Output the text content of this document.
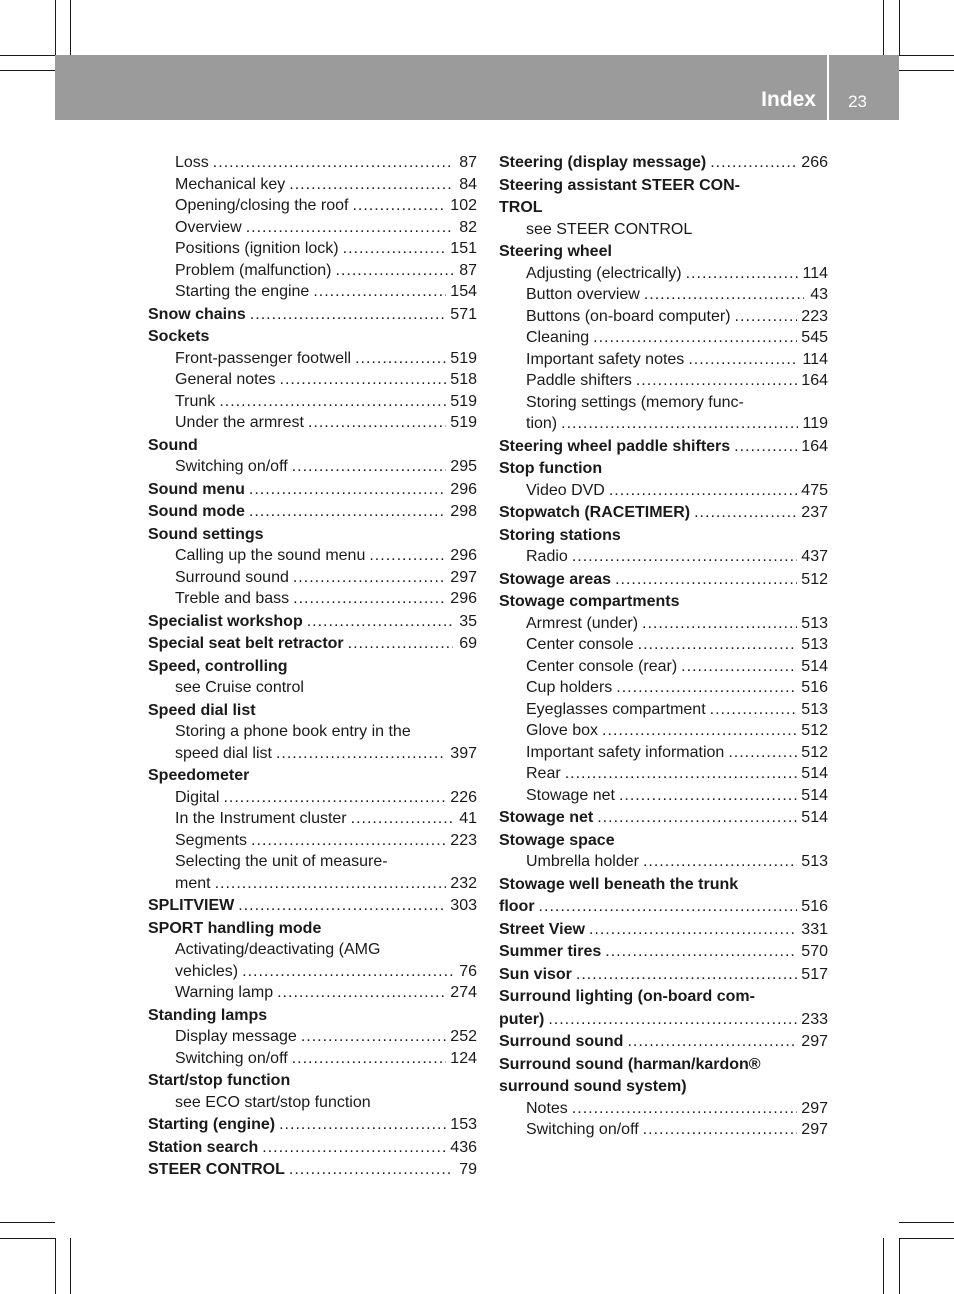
Index 23
Loss .....	87
Mechanical key .....	84
Opening/closing the roof .....	102
Overview .....	82
Positions (ignition lock) .....	151
Problem (malfunction) .....	87
Starting the engine .....	154
Snow chains .....	571
Sockets
Front-passenger footwell .....	519
General notes .....	518
Trunk .....	519
Under the armrest .....	519
Sound
Switching on/off .....	295
Sound menu .....	296
Sound mode .....	298
Sound settings
Calling up the sound menu .....	296
Surround sound .....	297
Treble and bass .....	296
Specialist workshop .....	35
Special seat belt retractor .....	69
Speed, controlling
see Cruise control
Speed dial list
Storing a phone book entry in the
speed dial list .....	397
Speedometer
Digital .....	226
In the Instrument cluster .....	41
Segments .....	223
Selecting the unit of measure-
ment .....	232
SPLITVIEW .....	303
SPORT handling mode
Activating/deactivating (AMG
vehicles) .....	76
Warning lamp .....	274
Standing lamps
Display message .....	252
Switching on/off .....	124
Start/stop function
see ECO start/stop function
Starting (engine) .....	153
Station search .....	436
STEER CONTROL .....	79
Steering (display message) .....	266
Steering assistant STEER CON-
TROL
see STEER CONTROL
Steering wheel
Adjusting (electrically) .....	114
Button overview .....	43
Buttons (on-board computer) .....	223
Cleaning .....	545
Important safety notes .....	114
Paddle shifters .....	164
Storing settings (memory func-
tion) .....	119
Steering wheel paddle shifters .....	164
Stop function
Video DVD .....	475
Stopwatch (RACETIMER) .....	237
Storing stations
Radio .....	437
Stowage areas .....	512
Stowage compartments
Armrest (under) .....	513
Center console .....	513
Center console (rear) .....	514
Cup holders .....	516
Eyeglasses compartment .....	513
Glove box .....	512
Important safety information .....	512
Rear .....	514
Stowage net .....	514
Stowage net .....	514
Stowage space
Umbrella holder .....	513
Stowage well beneath the trunk
floor .....	516
Street View .....	331
Summer tires .....	570
Sun visor .....	517
Surround lighting (on-board com-
puter) .....	233
Surround sound .....	297
Surround sound (harman/kardon®
surround sound system)
Notes .....	297
Switching on/off .....	297
